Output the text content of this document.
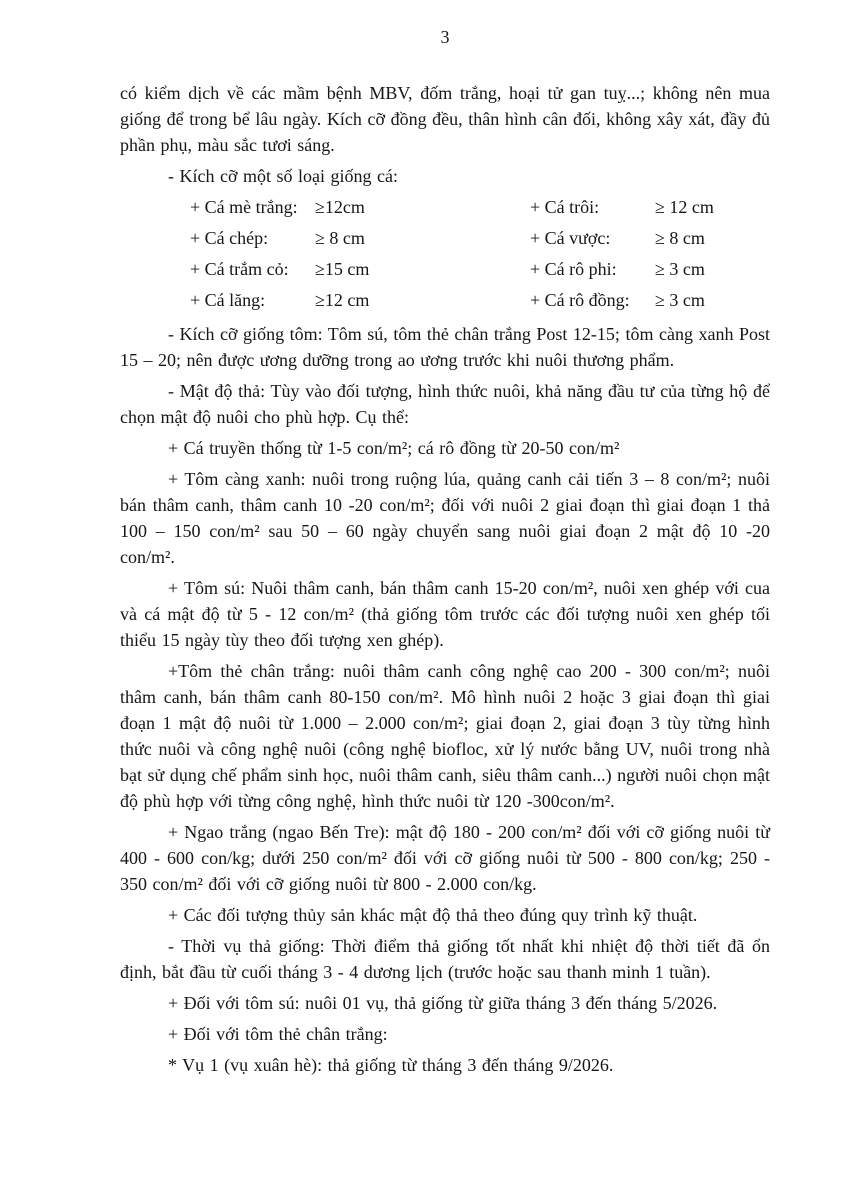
3

có kiểm dịch về các mầm bệnh MBV, đốm trắng, hoại tử gan tuỵ...; không nên mua giống để trong bể lâu ngày. Kích cỡ đồng đều, thân hình cân đối, không xây xát, đầy đủ phần phụ, màu sắc tươi sáng.

- Kích cỡ một số loại giống cá:

+ Cá mè trắng: ≥12cm	+ Cá trôi:	≥ 12 cm
+ Cá chép:	≥ 8 cm	+ Cá vược:	≥ 8 cm
+ Cá trắm cỏ:	≥15 cm	+ Cá rô phi:	≥ 3 cm
+ Cá lăng:	≥12 cm	+ Cá rô đồng:	≥ 3 cm

- Kích cỡ giống tôm: Tôm sú, tôm thẻ chân trắng Post 12-15; tôm càng xanh Post 15 – 20; nên được ương dưỡng trong ao ương trước khi nuôi thương phẩm.

- Mật độ thả: Tùy vào đối tượng, hình thức nuôi, khả năng đầu tư của từng hộ để chọn mật độ nuôi cho phù hợp. Cụ thể:

+ Cá truyền thống từ 1-5 con/m²; cá rô đồng từ 20-50 con/m²

+ Tôm càng xanh: nuôi trong ruộng lúa, quảng canh cải tiến 3 – 8 con/m²; nuôi bán thâm canh, thâm canh 10 -20 con/m²; đối với nuôi 2 giai đoạn thì giai đoạn 1 thả 100 – 150 con/m² sau 50 – 60 ngày chuyển sang nuôi giai đoạn 2 mật độ 10 -20 con/m².

+ Tôm sú: Nuôi thâm canh, bán thâm canh 15-20 con/m², nuôi xen ghép với cua và cá mật độ từ 5 - 12 con/m² (thả giống tôm trước các đối tượng nuôi xen ghép tối thiểu 15 ngày tùy theo đối tượng xen ghép).

+Tôm thẻ chân trắng: nuôi thâm canh công nghệ cao 200 - 300 con/m²; nuôi thâm canh, bán thâm canh 80-150 con/m². Mô hình nuôi 2 hoặc 3 giai đoạn thì giai đoạn 1 mật độ nuôi từ 1.000 – 2.000 con/m²; giai đoạn 2, giai đoạn 3 tùy từng hình thức nuôi và công nghệ nuôi (công nghệ biofloc, xử lý nước bằng UV, nuôi trong nhà bạt sử dụng chế phẩm sinh học, nuôi thâm canh, siêu thâm canh...) người nuôi chọn mật độ phù hợp với từng công nghệ, hình thức nuôi từ 120 -300con/m².

+ Ngao trắng (ngao Bến Tre): mật độ 180 - 200 con/m² đối với cỡ giống nuôi từ 400 - 600 con/kg; dưới 250 con/m² đối với cỡ giống nuôi từ 500 - 800 con/kg; 250 - 350 con/m² đối với cỡ giống nuôi từ 800 - 2.000 con/kg.

+ Các đối tượng thủy sản khác mật độ thả theo đúng quy trình kỹ thuật.

- Thời vụ thả giống: Thời điểm thả giống tốt nhất khi nhiệt độ thời tiết đã ổn định, bắt đầu từ cuối tháng 3 - 4 dương lịch (trước hoặc sau thanh minh 1 tuần).

+ Đối với tôm sú: nuôi 01 vụ, thả giống từ giữa tháng 3 đến tháng 5/2026.

+ Đối với tôm thẻ chân trắng:

* Vụ 1 (vụ xuân hè): thả giống từ tháng 3 đến tháng 9/2026.
